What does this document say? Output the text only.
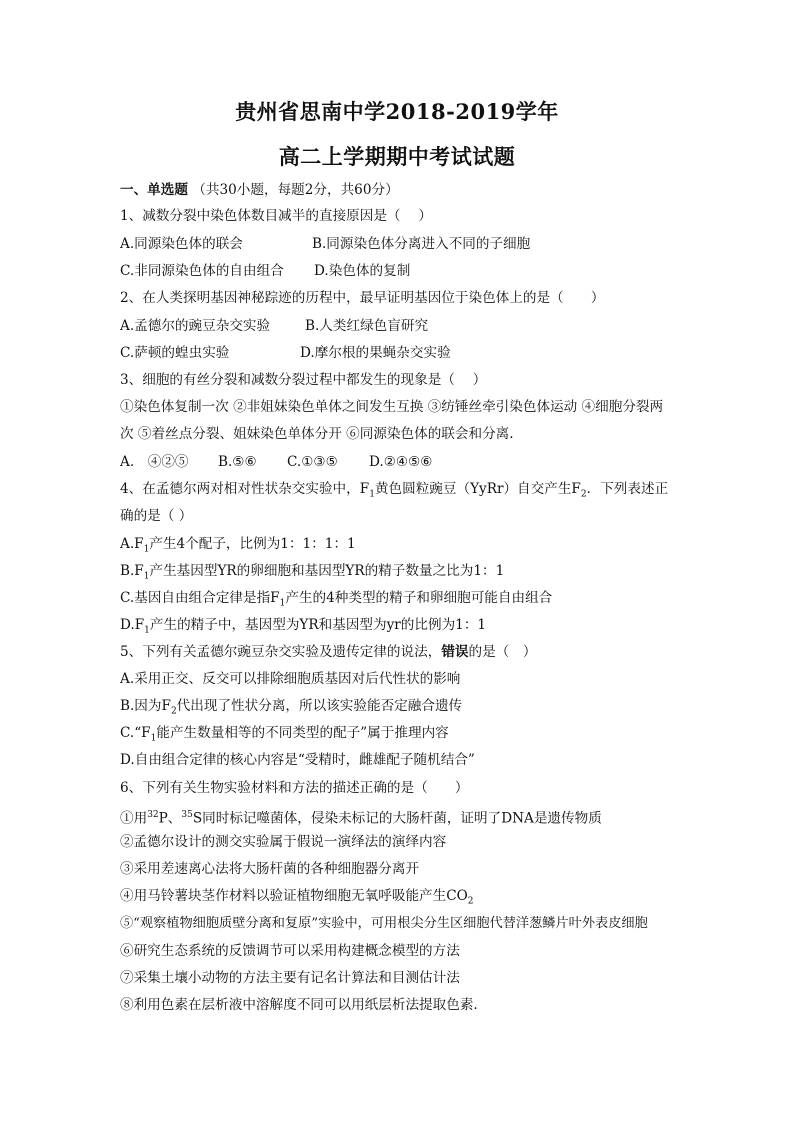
贵州省思南中学2018-2019学年
高二上学期期中考试试题
一、单选题 （共30小题，每题2分，共60分）
1、减数分裂中染色体数目减半的直接原因是（　 ）
A.同源染色体的联会	B.同源染色体分离进入不同的子细胞
C.非同源染色体的自由组合 D.染色体的复制
2、在人类探明基因神秘踪迹的历程中，最早证明基因位于染色体上的是（　　）
A.孟德尔的豌豆杂交实验	B.人类红绿色盲研究
C.萨顿的蝗虫实验	D.摩尔根的果蝇杂交实验
3、细胞的有丝分裂和减数分裂过程中都发生的现象是（　 ）
①染色体复制一次 ②非姐妹染色单体之间发生互换 ③纺锤丝牵引染色体运动 ④细胞分裂两
次 ⑤着丝点分裂、姐妹染色单体分开 ⑥同源染色体的联会和分离.
A.　④②⑤ B.⑤⑥ C.①③⑤ D.②④⑤⑥
4、在孟德尔两对相对性状杂交实验中，$F_1$黄色圆粒豌豆（YyRr）自交产生$F_2$．下列表述正
确的是（ ）
$A.F_1$产生4个配子，比例为1：1：1：1
$B.F_1$产生基因型YR的卵细胞和基因型YR的精子数量之比为1：1
C.基因自由组合定律是指$F_1$产生的4种类型的精子和卵细胞可能自由组合
$D.F_1$产生的精子中，基因型为YR和基因型为yr的比例为1：1
5、下列有关孟德尔豌豆杂交实验及遗传定律的说法，错误的是（　）
A.采用正交、反交可以排除细胞质基因对后代性状的影响
B.因为$F_2$代出现了性状分离，所以该实验能否定融合遗传
$C.“F_1$能产生数量相等的不同类型的配子”属于推理内容
D.自由组合定律的核心内容是“受精时，雌雄配子随机结合”
6、下列有关生物实验材料和方法的描述正确的是（　　）
①用$^{32}$P、$^{35}$S同时标记噬菌体，侵染未标记的大肠杆菌，证明了DNA是遗传物质
②孟德尔设计的测交实验属于假说一演绎法的演绎内容
③采用差速离心法将大肠杆菌的各种细胞器分离开
④用马铃薯块茎作材料以验证植物细胞无氧呼吸能产生$CO_2$
⑤“观察植物细胞质壁分离和复原”实验中，可用根尖分生区细胞代替洋葱鳞片叶外表皮细胞
⑥研究生态系统的反馈调节可以采用构建概念模型的方法
⑦采集土壤小动物的方法主要有记名计算法和目测估计法
⑧利用色素在层析液中溶解度不同可以用纸层析法提取色素.
